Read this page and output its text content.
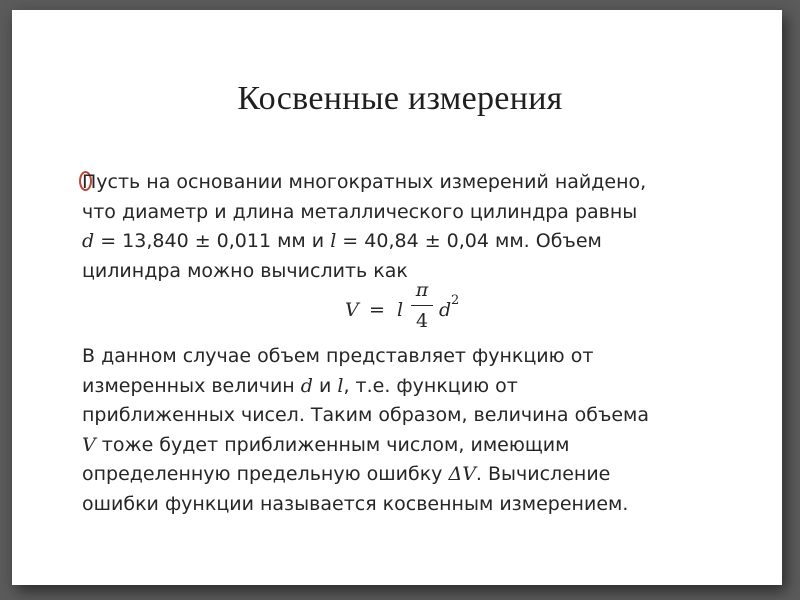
Косвенные измерения
Пусть на основании многократных измерений найдено,
что диаметр и длина металлического цилиндра равны
d = 13,840 ± 0,011 мм и l = 40,84 ± 0,04 мм. Объем
цилиндра можно вычислить как
V = l
π
4 d 2
В данном случае объем представляет функцию от
измеренных величин d и l, т.е. функцию от
приближенных чисел. Таким образом, величина объема
V тоже будет приближенным числом, имеющим
определенную предельную ошибку ΔV. Вычисление
ошибки функции называется косвенным измерением.
